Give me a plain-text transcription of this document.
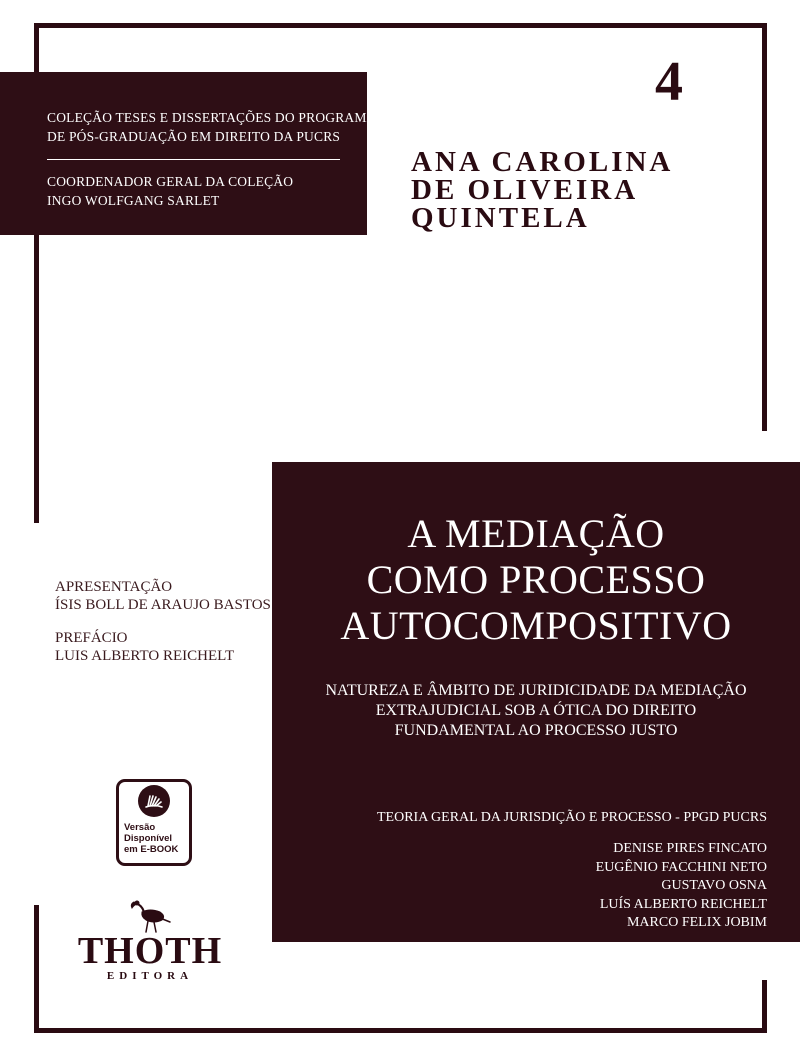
COLEÇÃO TESES E DISSERTAÇÕES DO PROGRAMA
DE PÓS-GRADUAÇÃO EM DIREITO DA PUCRS
COORDENADOR GERAL DA COLEÇÃO
INGO WOLFGANG SARLET
4
ANA CAROLINA
DE OLIVEIRA
QUINTELA
A MEDIAÇÃO
COMO PROCESSO
AUTOCOMPOSITIVO
NATUREZA E ÂMBITO DE JURIDICIDADE DA MEDIAÇÃO
EXTRAJUDICIAL SOB A ÓTICA DO DIREITO
FUNDAMENTAL AO PROCESSO JUSTO
TEORIA GERAL DA JURISDIÇÃO E PROCESSO - PPGD PUCRS
DENISE PIRES FINCATO
EUGÊNIO FACCHINI NETO
GUSTAVO OSNA
LUÍS ALBERTO REICHELT
MARCO FELIX JOBIM
APRESENTAÇÃO
ÍSIS BOLL DE ARAUJO BASTOS
PREFÁCIO
LUIS ALBERTO REICHELT
Versão
Disponível
em E-BOOK
THOTH
EDITORA
